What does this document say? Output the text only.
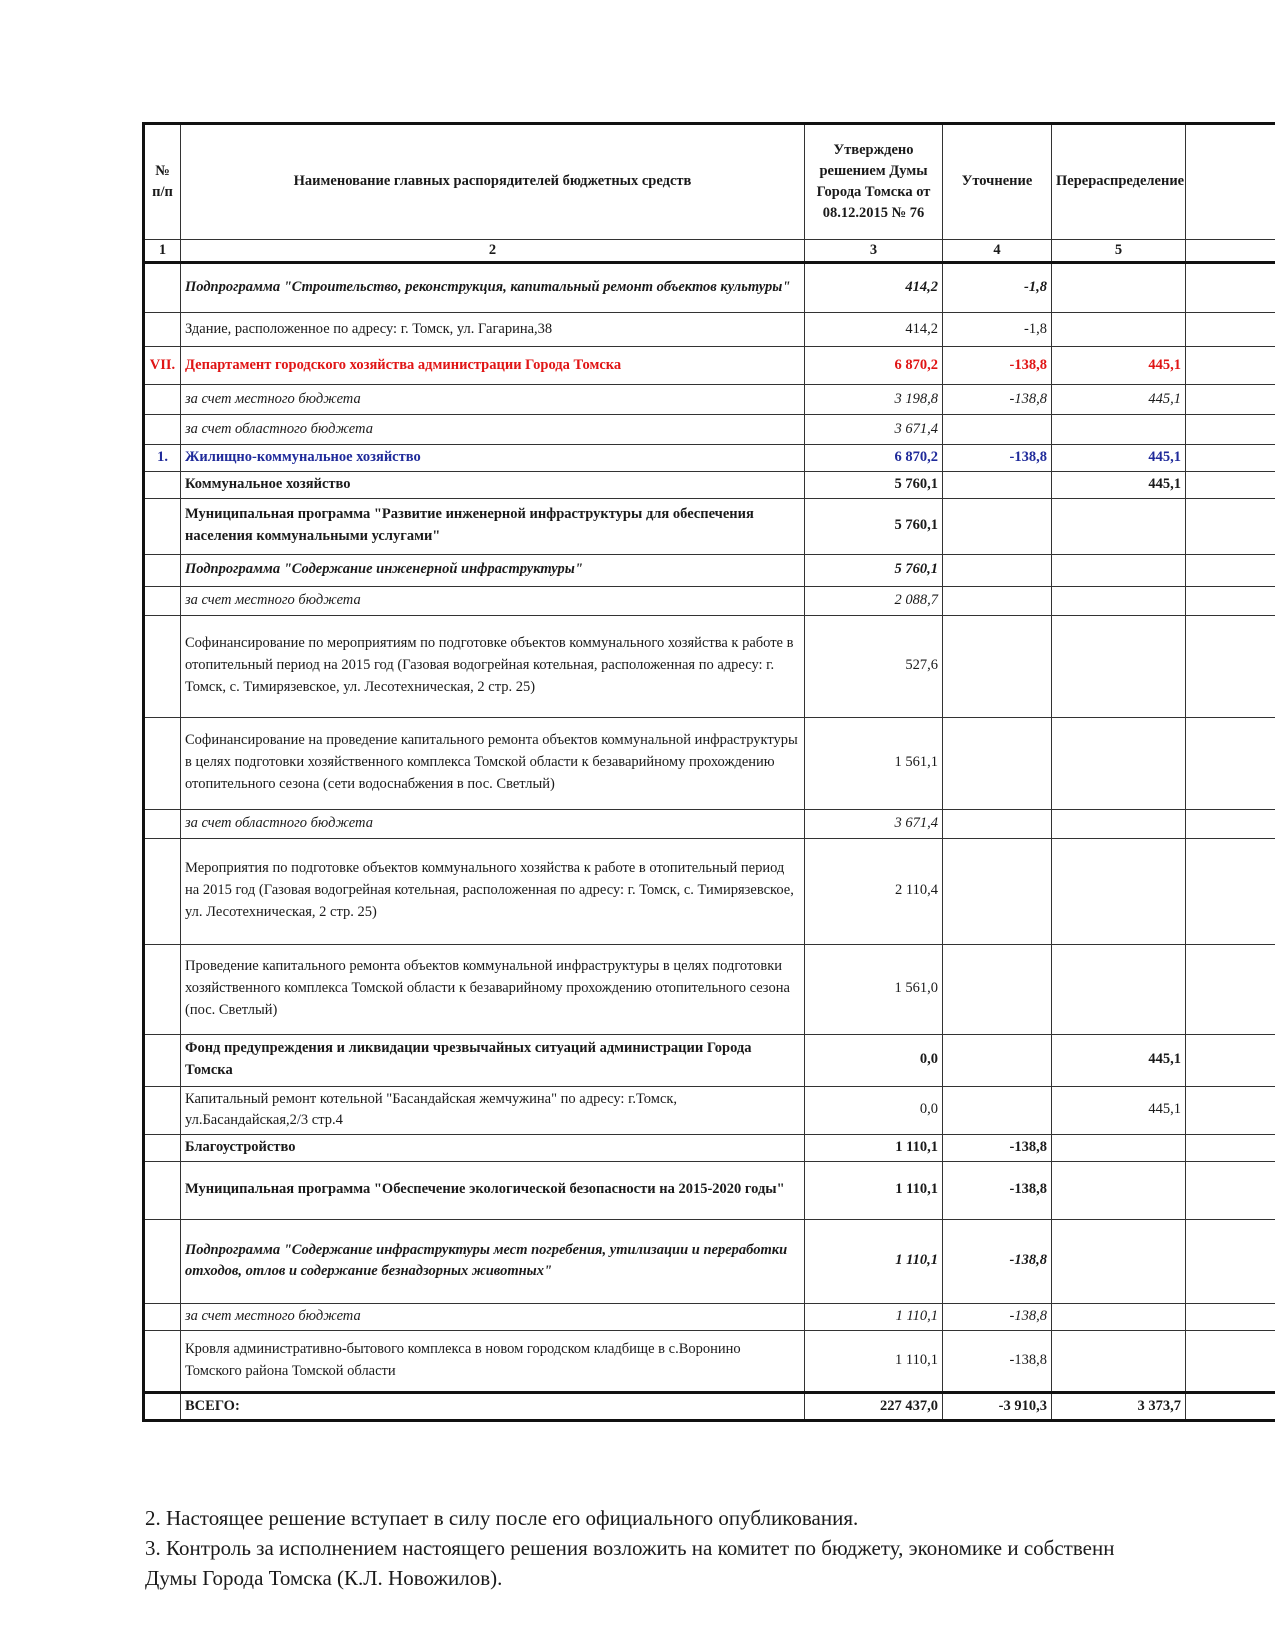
№ п/п	Наименование главных распорядителей бюджетных средств	Утверждено решением Думы Города Томска от 08.12.2015 № 76	Уточнение	Перераспределение	
1	2	3	4	5	
	Подпрограмма "Строительство, реконструкция, капитальный ремонт объектов культуры"	414,2	-1,8		
	Здание, расположенное по адресу: г. Томск, ул. Гагарина,38	414,2	-1,8		
VII.	Департамент городского хозяйства администрации Города Томска	6 870,2	-138,8	445,1	
	за счет местного бюджета	3 198,8	-138,8	445,1	
	за счет областного бюджета	3 671,4			
1.	Жилищно-коммунальное хозяйство	6 870,2	-138,8	445,1	
	Коммунальное хозяйство	5 760,1		445,1	
	Муниципальная программа "Развитие инженерной инфраструктуры для обеспечения населения коммунальными услугами"	5 760,1			
	Подпрограмма "Содержание инженерной инфраструктуры"	5 760,1			
	за счет местного бюджета	2 088,7			
	Софинансирование по мероприятиям по подготовке объектов коммунального хозяйства к работе в отопительный период на 2015 год (Газовая водогрейная котельная, расположенная по адресу: г. Томск, с. Тимирязевское, ул. Лесотехническая, 2 стр. 25)	527,6			
	Софинансирование на проведение капитального ремонта объектов коммунальной инфраструктуры в целях подготовки хозяйственного комплекса Томской области к безаварийному прохождению отопительного сезона (сети водоснабжения в пос. Светлый)	1 561,1			
	за счет областного бюджета	3 671,4			
	Мероприятия по подготовке объектов коммунального хозяйства к работе в отопительный период на 2015 год (Газовая водогрейная котельная, расположенная по адресу: г. Томск, с. Тимирязевское, ул. Лесотехническая, 2 стр. 25)	2 110,4			
	Проведение капитального ремонта объектов коммунальной инфраструктуры в целях подготовки хозяйственного комплекса Томской области к безаварийному прохождению отопительного сезона (пос. Светлый)	1 561,0			
	Фонд предупреждения и ликвидации чрезвычайных ситуаций администрации Города Томска	0,0		445,1	
	Капитальный ремонт котельной "Басандайская жемчужина" по адресу: г.Томск, ул.Басандайская,2/3 стр.4	0,0		445,1	
	Благоустройство	1 110,1	-138,8		
	Муниципальная программа "Обеспечение экологической безопасности на 2015-2020 годы"	1 110,1	-138,8		
	Подпрограмма "Содержание инфраструктуры мест погребения, утилизации и переработки отходов, отлов и содержание безнадзорных животных"	1 110,1	-138,8		
	за счет местного бюджета	1 110,1	-138,8		
	Кровля административно-бытового комплекса в новом городском кладбище в с.Воронино Томского района Томской области	1 110,1	-138,8		
	ВСЕГО:	227 437,0	-3 910,3	3 373,7	

2. Настоящее решение вступает в силу после его официального опубликования.

3. Контроль за исполнением настоящего решения возложить на комитет по бюджету, экономике и собственн

Думы Города Томска (К.Л. Новожилов).
